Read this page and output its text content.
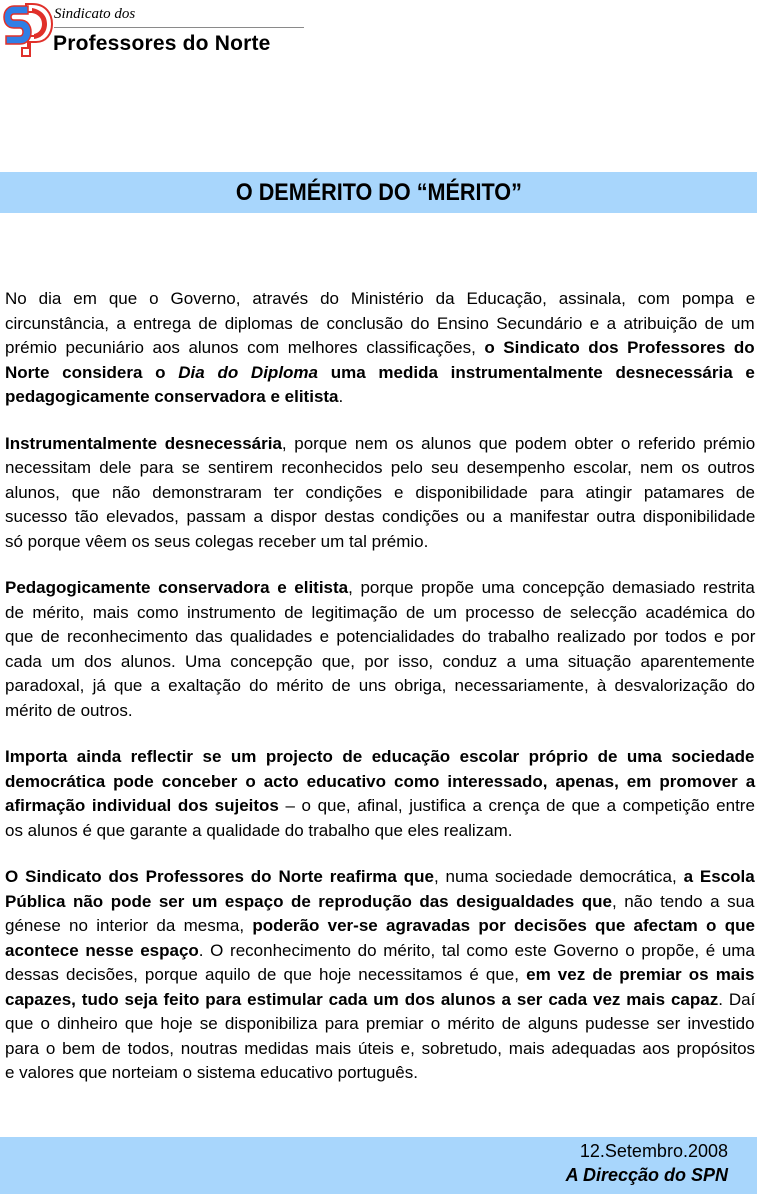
Sindicato dos
Professores do Norte
O DEMÉRITO DO “MÉRITO”
No dia em que o Governo, através do Ministério da Educação, assinala, com pompa e
circunstância, a entrega de diplomas de conclusão do Ensino Secundário e a atribuição de um
prémio pecuniário aos alunos com melhores classificações, o Sindicato dos Professores do
Norte considera o Dia do Diploma uma medida instrumentalmente desnecessária e
pedagogicamente conservadora e elitista.
Instrumentalmente desnecessária, porque nem os alunos que podem obter o referido prémio
necessitam dele para se sentirem reconhecidos pelo seu desempenho escolar, nem os outros
alunos, que não demonstraram ter condições e disponibilidade para atingir patamares de
sucesso tão elevados, passam a dispor destas condições ou a manifestar outra disponibilidade
só porque vêem os seus colegas receber um tal prémio.
Pedagogicamente conservadora e elitista, porque propõe uma concepção demasiado restrita
de mérito, mais como instrumento de legitimação de um processo de selecção académica do
que de reconhecimento das qualidades e potencialidades do trabalho realizado por todos e por
cada um dos alunos. Uma concepção que, por isso, conduz a uma situação aparentemente
paradoxal, já que a exaltação do mérito de uns obriga, necessariamente, à desvalorização do
mérito de outros.
Importa ainda reflectir se um projecto de educação escolar próprio de uma sociedade
democrática pode conceber o acto educativo como interessado, apenas, em promover a
afirmação individual dos sujeitos – o que, afinal, justifica a crença de que a competição entre
os alunos é que garante a qualidade do trabalho que eles realizam.
O Sindicato dos Professores do Norte reafirma que, numa sociedade democrática, a Escola
Pública não pode ser um espaço de reprodução das desigualdades que, não tendo a sua
génese no interior da mesma, poderão ver-se agravadas por decisões que afectam o que
acontece nesse espaço. O reconhecimento do mérito, tal como este Governo o propõe, é uma
dessas decisões, porque aquilo de que hoje necessitamos é que, em vez de premiar os mais
capazes, tudo seja feito para estimular cada um dos alunos a ser cada vez mais capaz. Daí
que o dinheiro que hoje se disponibiliza para premiar o mérito de alguns pudesse ser investido
para o bem de todos, noutras medidas mais úteis e, sobretudo, mais adequadas aos propósitos
e valores que norteiam o sistema educativo português.
12.Setembro.2008
A Direcção do SPN
